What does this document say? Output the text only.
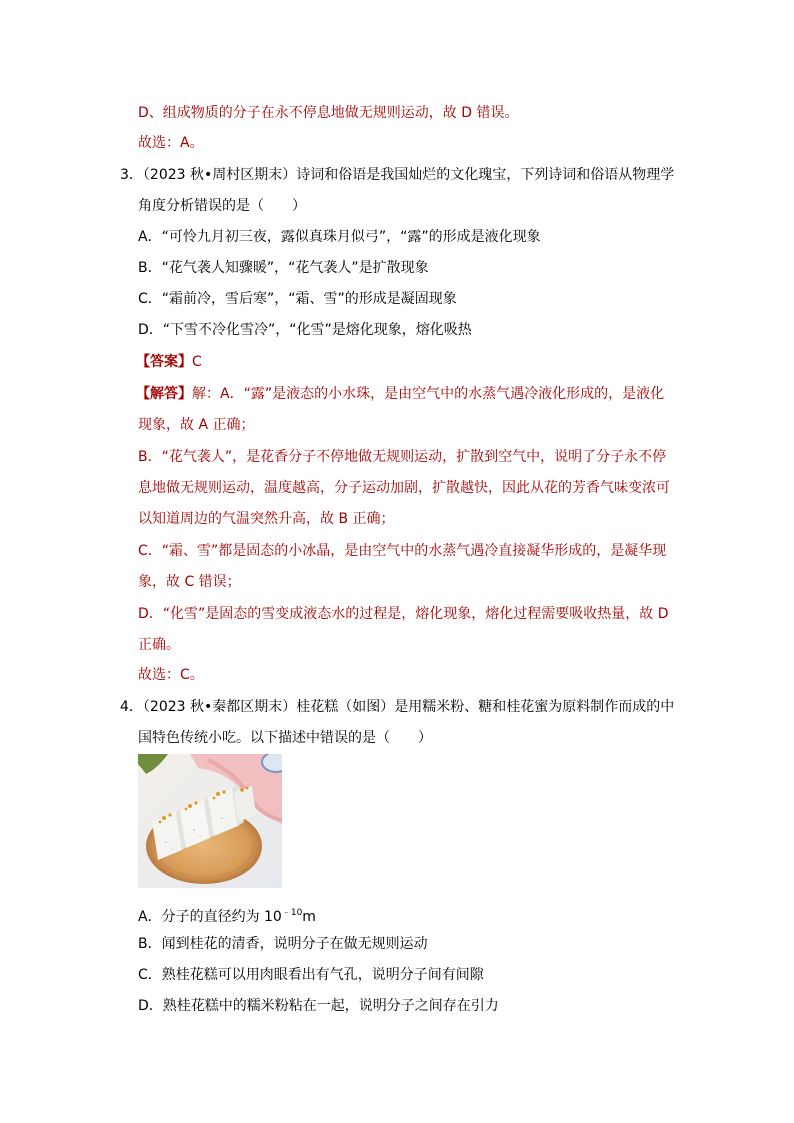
D、组成物质的分子在永不停息地做无规则运动，故 D 错误。
故选：A。
3．（2023 秋•周村区期末）诗词和俗语是我国灿烂的文化瑰宝，下列诗词和俗语从物理学
角度分析错误的是（　　）
A．“可怜九月初三夜，露似真珠月似弓”，“露”的形成是液化现象
B．“花气袭人知骤暖”，“花气袭人”是扩散现象
C．“霜前冷，雪后寒”，“霜、雪”的形成是凝固现象
D．“下雪不冷化雪冷”，“化雪”是熔化现象，熔化吸热
【答案】C
【解答】解：A．“露”是液态的小水珠，是由空气中的水蒸气遇冷液化形成的，是液化
现象，故 A 正确；
B．“花气袭人”，是花香分子不停地做无规则运动，扩散到空气中，说明了分子永不停
息地做无规则运动，温度越高，分子运动加剧，扩散越快，因此从花的芳香气味变浓可
以知道周边的气温突然升高，故 B 正确；
C．“霜、雪”都是固态的小冰晶，是由空气中的水蒸气遇冷直接凝华形成的，是凝华现
象，故 C 错误；
D．“化雪”是固态的雪变成液态水的过程是，熔化现象，熔化过程需要吸收热量，故 D
正确。
故选：C。
4．（2023 秋•秦都区期末）桂花糕（如图）是用糯米粉、糖和桂花蜜为原料制作而成的中
国特色传统小吃。以下描述中错误的是（　　）
A．分子的直径约为 $10^{﹣10}m$
B．闻到桂花的清香，说明分子在做无规则运动
C．熟桂花糕可以用肉眼看出有气孔，说明分子间有间隙
D．熟桂花糕中的糯米粉粘在一起，说明分子之间存在引力
